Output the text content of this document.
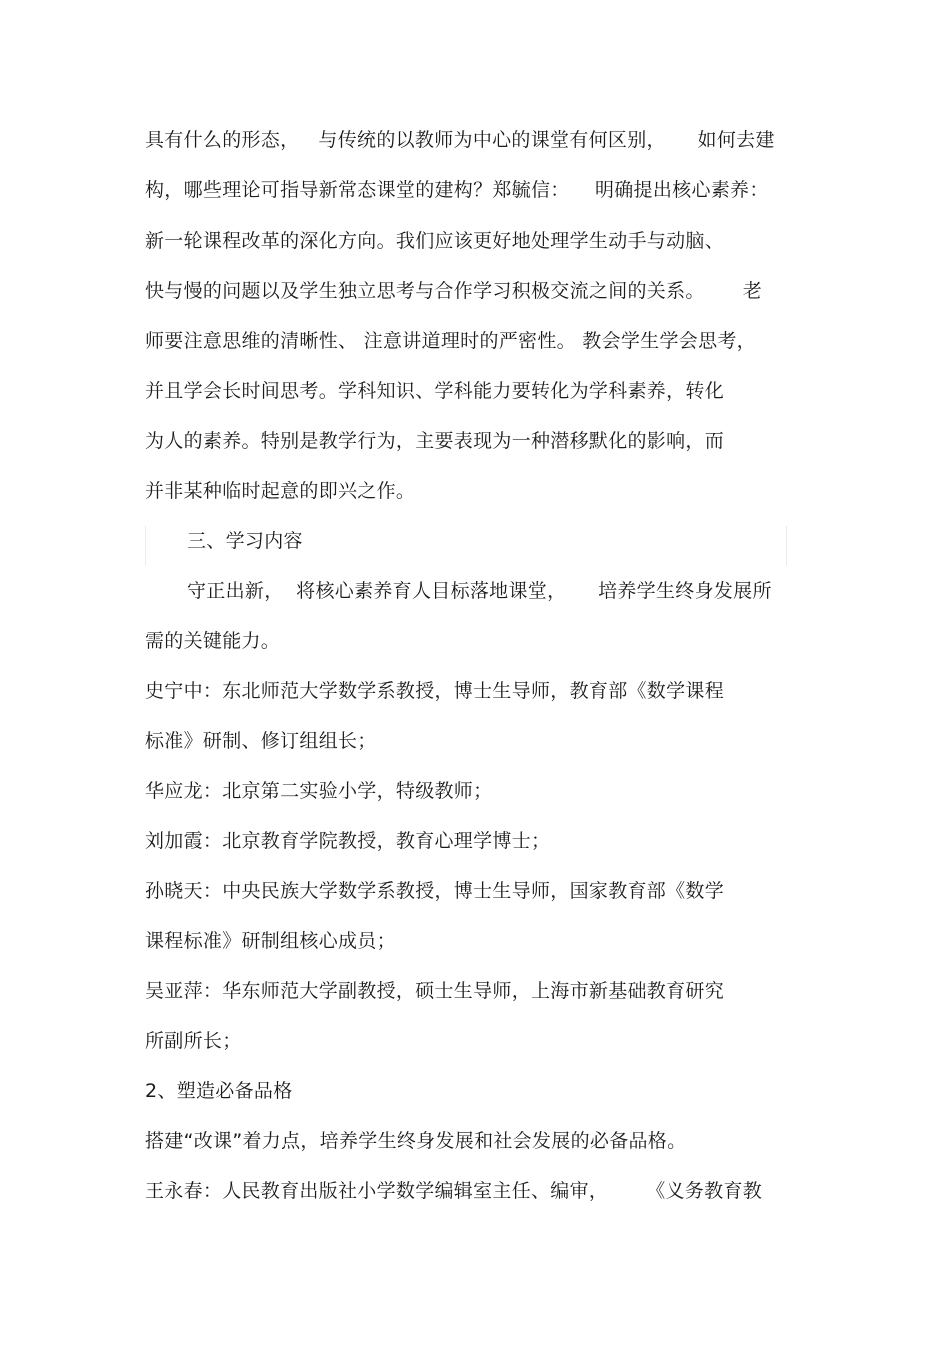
具有什么的形态，   与传统的以教师为中心的课堂有何区别，     如何去建
构，哪些理论可指导新常态课堂的建构？郑毓信：    明确提出核心素养：
新一轮课程改革的深化方向。我们应该更好地处理学生动手与动脑、
快与慢的问题以及学生独立思考与合作学习积极交流之间的关系。      老
师要注意思维的清晰性、 注意讲道理时的严密性。 教会学生学会思考，
并且学会长时间思考。学科知识、学科能力要转化为学科素养，转化
为人的素养。特别是教学行为，主要表现为一种潜移默化的影响，而
并非某种临时起意的即兴之作。
三、学习内容
守正出新，  将核心素养育人目标落地课堂，     培养学生终身发展所
需的关键能力。
史宁中：东北师范大学数学系教授，博士生导师，教育部《数学课程
标准》研制、修订组组长；
华应龙：北京第二实验小学，特级教师；
刘加霞：北京教育学院教授，教育心理学博士；
孙晓天：中央民族大学数学系教授，博士生导师，国家教育部《数学
课程标准》研制组核心成员；
吴亚萍：华东师范大学副教授，硕士生导师，上海市新基础教育研究
所副所长；
2、塑造必备品格
搭建“改课”着力点，培养学生终身发展和社会发展的必备品格。
王永春：人民教育出版社小学数学编辑室主任、编审，      《义务教育教
